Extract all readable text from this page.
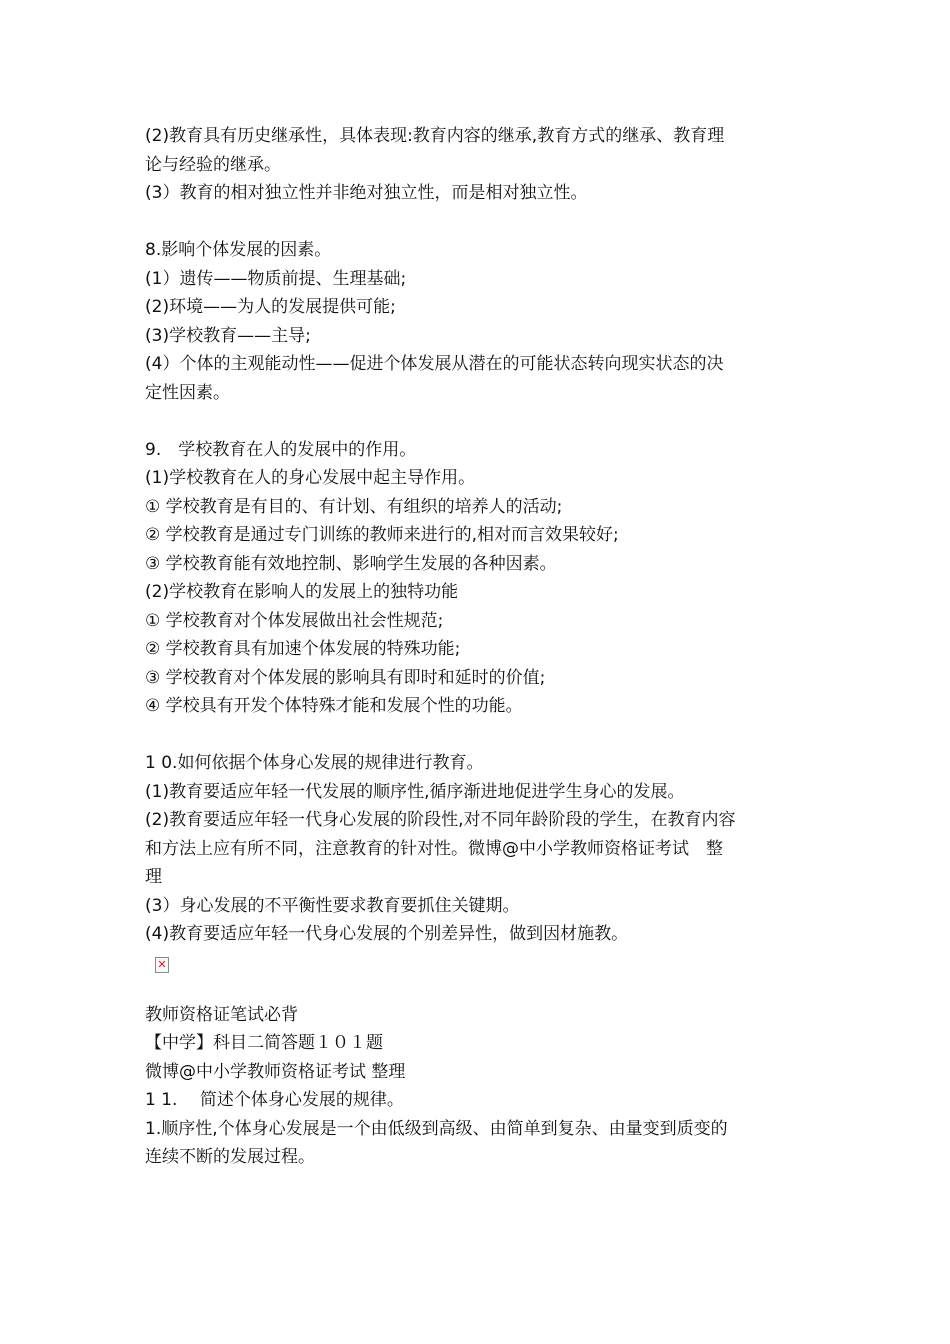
(2)教育具有历史继承性，具体表现:教育内容的继承,教育方式的继承、教育理
论与经验的继承。
(3）教育的相对独立性并非绝对独立性，而是相对独立性。
8.影响个体发展的因素。
(1）遗传——物质前提、生理基础;
(2)环境——为人的发展提供可能;
(3)学校教育——主导;
(4）个体的主观能动性——促进个体发展从潜在的可能状态转向现实状态的决
定性因素。
9.　学校教育在人的发展中的作用。
(1)学校教育在人的身心发展中起主导作用。
① 学校教育是有目的、有计划、有组织的培养人的活动;
② 学校教育是通过专门训练的教师来进行的,相对而言效果较好;
③ 学校教育能有效地控制、影响学生发展的各种因素。
(2)学校教育在影响人的发展上的独特功能
① 学校教育对个体发展做出社会性规范;
② 学校教育具有加速个体发展的特殊功能;
③ 学校教育对个体发展的影响具有即时和延时的价值;
④ 学校具有开发个体特殊才能和发展个性的功能。
1 0.如何依据个体身心发展的规律进行教育。
(1)教育要适应年轻一代发展的顺序性,循序渐进地促进学生身心的发展。
(2)教育要适应年轻一代身心发展的阶段性,对不同年龄阶段的学生，在教育内容
和方法上应有所不同，注意教育的针对性。微博@中小学教师资格证考试　整
理
(3）身心发展的不平衡性要求教育要抓住关键期。
(4)教育要适应年轻一代身心发展的个别差异性，做到因材施教。
✕
教师资格证笔试必背
【中学】科目二简答题１０１题
微博@中小学教师资格证考试 整理
1 1.　 简述个体身心发展的规律。
1.顺序性,个体身心发展是一个由低级到高级、由简单到复杂、由量变到质变的
连续不断的发展过程。
